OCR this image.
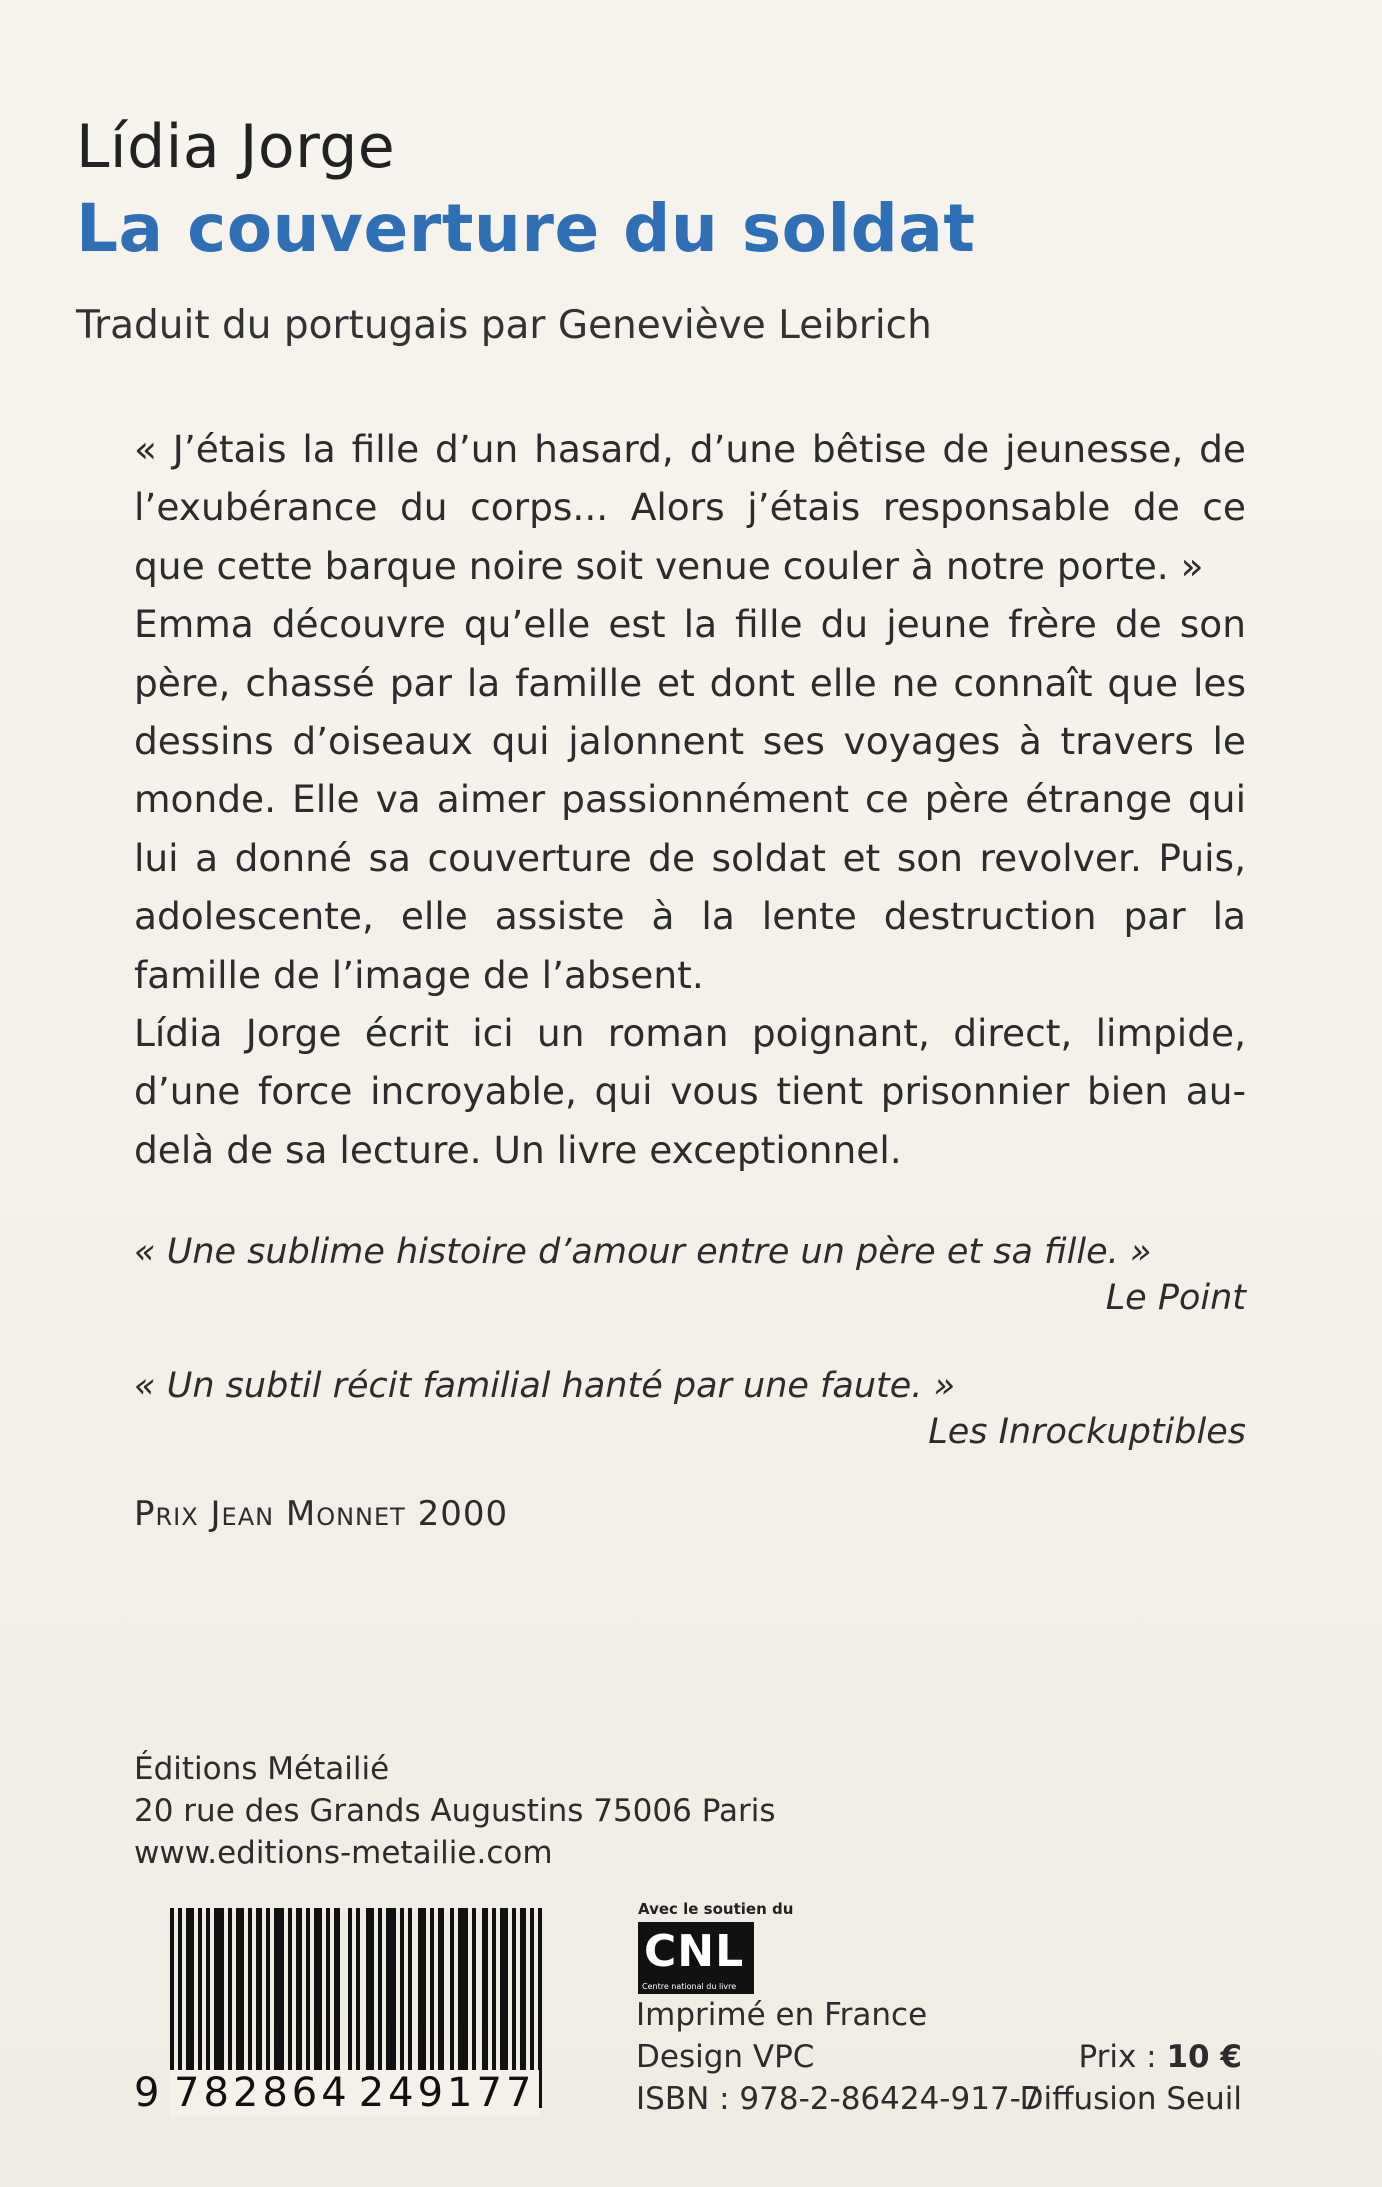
Lídia Jorge
La couverture du soldat
Traduit du portugais par Geneviève Leibrich

« J’étais la fille d’un hasard, d’une bêtise de jeunesse, de l’exubérance du corps... Alors j’étais responsable de ce que cette barque noire soit venue couler à notre porte. »

Emma découvre qu’elle est la fille du jeune frère de son père, chassé par la famille et dont elle ne connaît que les dessins d’oiseaux qui jalonnent ses voyages à travers le monde. Elle va aimer passionnément ce père étrange qui lui a donné sa couverture de soldat et son revolver. Puis, adolescente, elle assiste à la lente destruction par la famille de l’image de l’absent.

Lídia Jorge écrit ici un roman poignant, direct, limpide, d’une force incroyable, qui vous tient prisonnier bien au-delà de sa lecture. Un livre exceptionnel.

« Une sublime histoire d’amour entre un père et sa fille. »
Le Point
« Un subtil récit familial hanté par une faute. »
Les Inrockuptibles
Prix Jean Monnet 2000
Éditions Métailié
20 rue des Grands Augustins 75006 Paris
www.editions-metailie.com
9 782864 249177
Avec le soutien du
CNL
Centre national du livre
Imprimé en France
Design VPC
ISBN : 978-2-86424-917-7
Prix : 10 €
Diffusion Seuil
